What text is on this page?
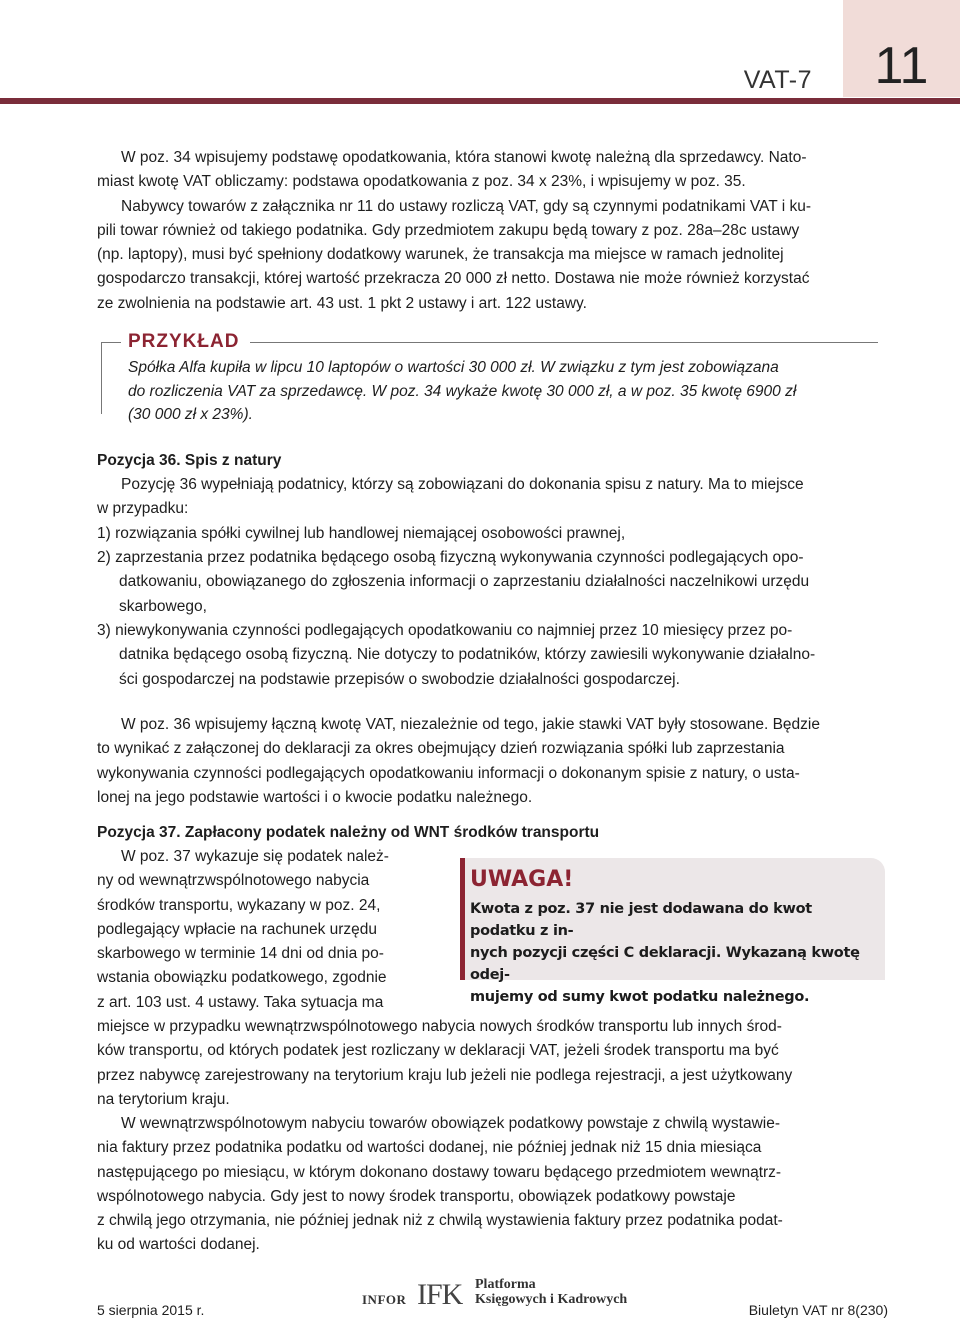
11
VAT-7
W poz. 34 wpisujemy podstawę opodatkowania, która stanowi kwotę należną dla sprzedawcy. Nato-
miast kwotę VAT obliczamy: podstawa opodatkowania z poz. 34 x 23%, i wpisujemy w poz. 35.
Nabywcy towarów z załącznika nr 11 do ustawy rozliczą VAT, gdy są czynnymi podatnikami VAT i ku-
pili towar również od takiego podatnika. Gdy przedmiotem zakupu będą towary z poz. 28a–28c ustawy
(np. laptopy), musi być spełniony dodatkowy warunek, że transakcja ma miejsce w ramach jednolitej
gospodarczo transakcji, której wartość przekracza 20 000 zł netto. Dostawa nie może również korzystać
ze zwolnienia na podstawie art. 43 ust. 1 pkt 2 ustawy i art. 122 ustawy.
PRZYKŁAD
Spółka Alfa kupiła w lipcu 10 laptopów o wartości 30 000 zł. W związku z tym jest zobowiązana
do rozliczenia VAT za sprzedawcę. W poz. 34 wykaże kwotę 30 000 zł, a w poz. 35 kwotę 6900 zł
(30 000 zł x 23%).
Pozycja 36. Spis z natury
Pozycję 36 wypełniają podatnicy, którzy są zobowiązani do dokonania spisu z natury. Ma to miejsce
w przypadku:
1) rozwiązania spółki cywilnej lub handlowej niemającej osobowości prawnej,
2) zaprzestania przez podatnika będącego osobą fizyczną wykonywania czynności podlegających opo-
datkowaniu, obowiązanego do zgłoszenia informacji o zaprzestaniu działalności naczelnikowi urzędu
skarbowego,
3) niewykonywania czynności podlegających opodatkowaniu co najmniej przez 10 miesięcy przez po-
datnika będącego osobą fizyczną. Nie dotyczy to podatników, którzy zawiesili wykonywanie działalno-
ści gospodarczej na podstawie przepisów o swobodzie działalności gospodarczej.
W poz. 36 wpisujemy łączną kwotę VAT, niezależnie od tego, jakie stawki VAT były stosowane. Będzie
to wynikać z załączonej do deklaracji za okres obejmujący dzień rozwiązania spółki lub zaprzestania
wykonywania czynności podlegających opodatkowaniu informacji o dokonanym spisie z natury, o usta-
lonej na jego podstawie wartości i o kwocie podatku należnego.
Pozycja 37. Zapłacony podatek należny od WNT środków transportu
W poz. 37 wykazuje się podatek należ-
ny od wewnątrzwspólnotowego nabycia
środków transportu, wykazany w poz. 24,
podlegający wpłacie na rachunek urzędu
skarbowego w terminie 14 dni od dnia po-
wstania obowiązku podatkowego, zgodnie
z art. 103 ust. 4 ustawy. Taka sytuacja ma
miejsce w przypadku wewnątrzwspólnotowego nabycia nowych środków transportu lub innych środ-
ków transportu, od których podatek jest rozliczany w deklaracji VAT, jeżeli środek transportu ma być
przez nabywcę zarejestrowany na terytorium kraju lub jeżeli nie podlega rejestracji, a jest użytkowany
na terytorium kraju.
W wewnątrzwspólnotowym nabyciu towarów obowiązek podatkowy powstaje z chwilą wystawie-
nia faktury przez podatnika podatku od wartości dodanej, nie później jednak niż 15 dnia miesiąca
następującego po miesiącu, w którym dokonano dostawy towaru będącego przedmiotem wewnątrz-
wspólnotowego nabycia. Gdy jest to nowy środek transportu, obowiązek podatkowy powstaje
z chwilą jego otrzymania, nie później jednak niż z chwilą wystawienia faktury przez podatnika podat-
ku od wartości dodanej.
UWAGA!
Kwota z poz. 37 nie jest dodawana do kwot podatku z in-
nych pozycji części C deklaracji. Wykazaną kwotę odej-
mujemy od sumy kwot podatku należnego.
INFOR IFK Platforma
Księgowych i Kadrowych
5 sierpnia 2015 r.	Biuletyn VAT nr 8(230)
